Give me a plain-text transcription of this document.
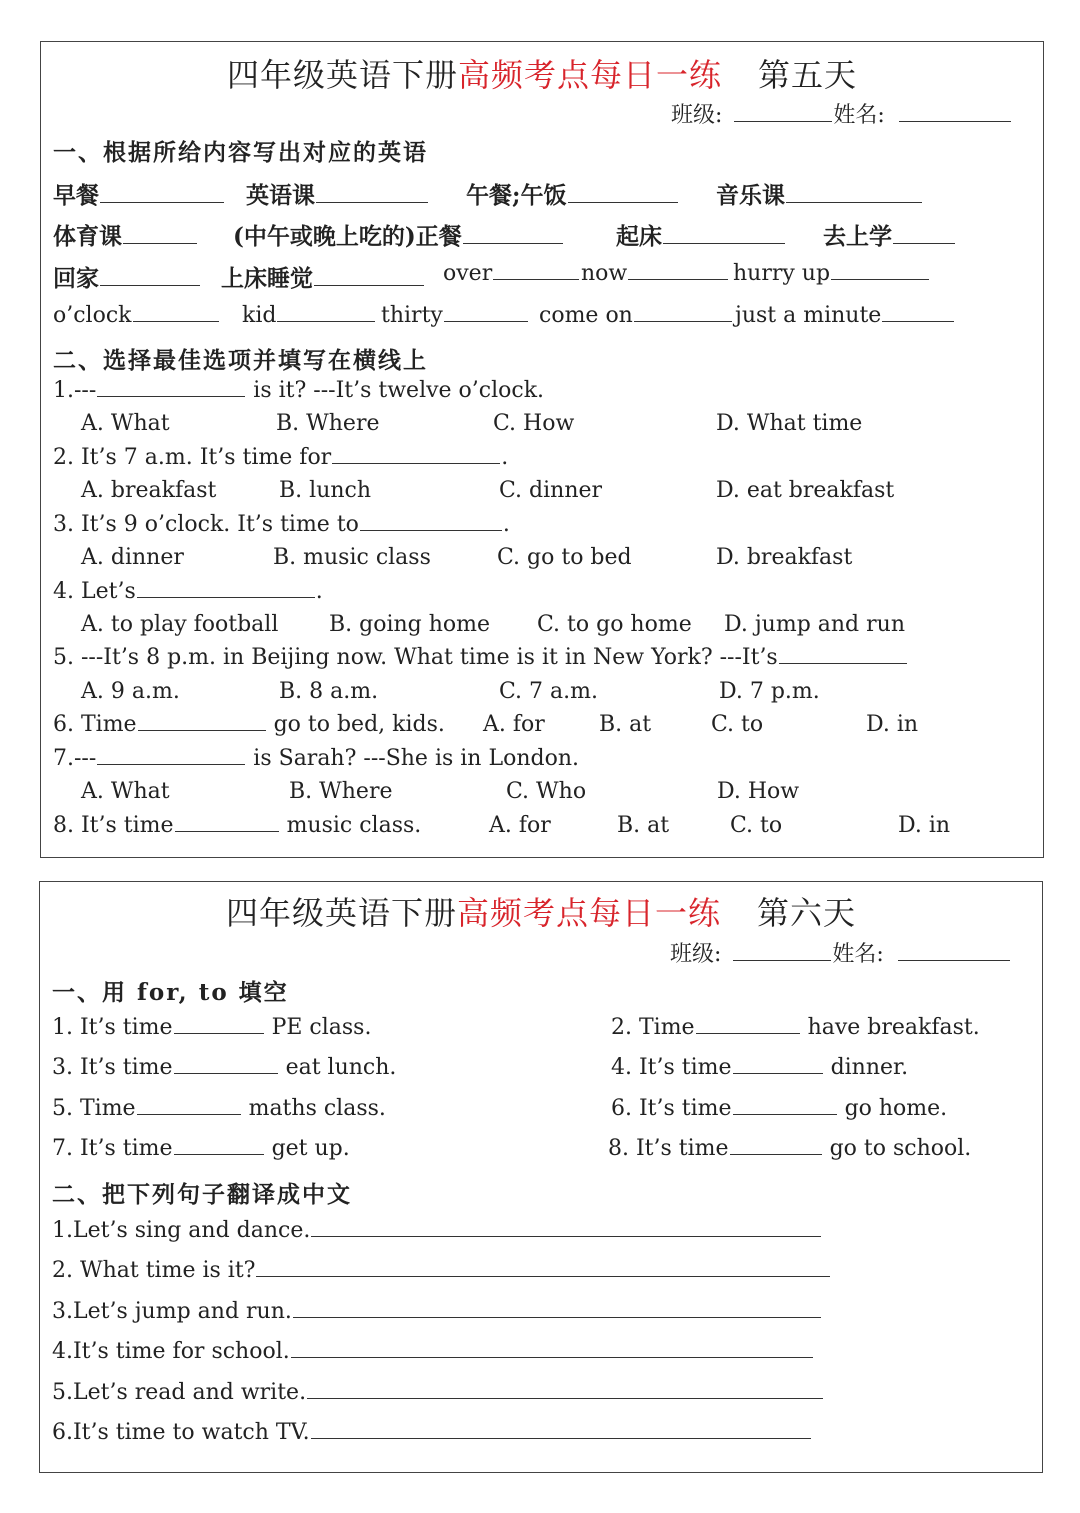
四年级英语下册高频考点每日一练 第五天
班级:	姓名:
一、根据所给内容写出对应的英语
早餐	英语课	午餐;午饭	音乐课
体育课	(中午或晚上吃的)正餐	起床	去上学
回家	上床睡觉	over	now	hurry up
o’clock	kid	thirty	come on	just a minute
二、选择最佳选项并填写在横线上
1.---	is it? ---It’s twelve o’clock.
A. What	B. Where	C. How	D. What time
2. It’s 7 a.m. It’s time for	.
A. breakfast	B. lunch	C. dinner	D. eat breakfast
3. It’s 9 o’clock. It’s time to	.
A. dinner	B. music class	C. go to bed	D. breakfast
4. Let’s	.
A. to play football B. going home C. to go home D. jump and run
5. ---It’s 8 p.m. in Beijing now. What time is it in New York? ---It’s
A. 9 a.m.	B. 8 a.m.	C. 7 a.m.	D. 7 p.m.
6. Time	go to bed, kids. A. for B. at	C. to	D. in
7.---	is Sarah? ---She is in London.
A. What	B. Where	C. Who	D. How
8. It’s time	music class.	A. for	B. at	C. to	D. in
四年级英语下册高频考点每日一练 第六天
班级:	姓名:
一、用 for, to 填空
1. It’s time	PE class.	2. Time	have breakfast.
3. It’s time	eat lunch.	4. It’s time	dinner.
5. Time	maths class.	6. It’s time	go home.
7. It’s time	get up.	8. It’s time	go to school.
二、把下列句子翻译成中文
1.Let’s sing and dance.
2. What time is it?
3.Let’s jump and run.
4.It’s time for school.
5.Let’s read and write.
6.It’s time to watch TV.
